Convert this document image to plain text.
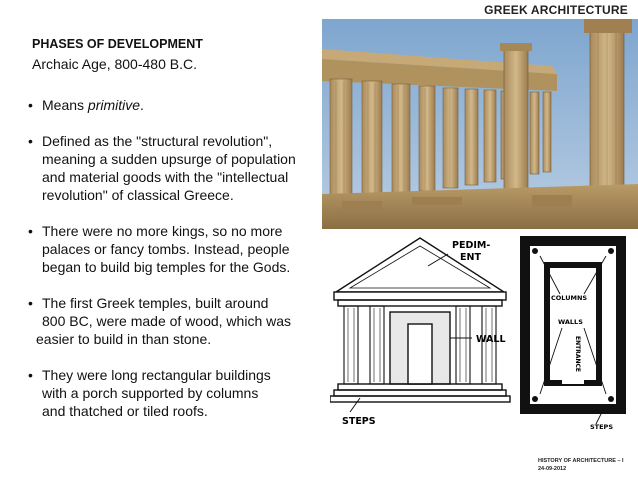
GREEK ARCHITECTURE
PHASES OF DEVELOPMENT
Archaic Age, 800-480 B.C.
• Means primitive.
• Defined as the "structural revolution",
meaning a sudden upsurge of population
and material goods with the "intellectual
revolution" of classical Greece.
• There were no more kings, so no more
palaces or fancy tombs. Instead, people
began to build big temples for the Gods.
• The first Greek temples, built around
800 BC, were made of wood, which was
easier to build in than stone.
• They were long rectangular buildings
with a porch supported by columns
and thatched or tiled roofs.
PEDIM-
ENT
WALL
STEPS
COLUMNS
WALLS
ENTRANCE
STEPS
HISTORY OF ARCHITECTURE – I
24-09-2012
